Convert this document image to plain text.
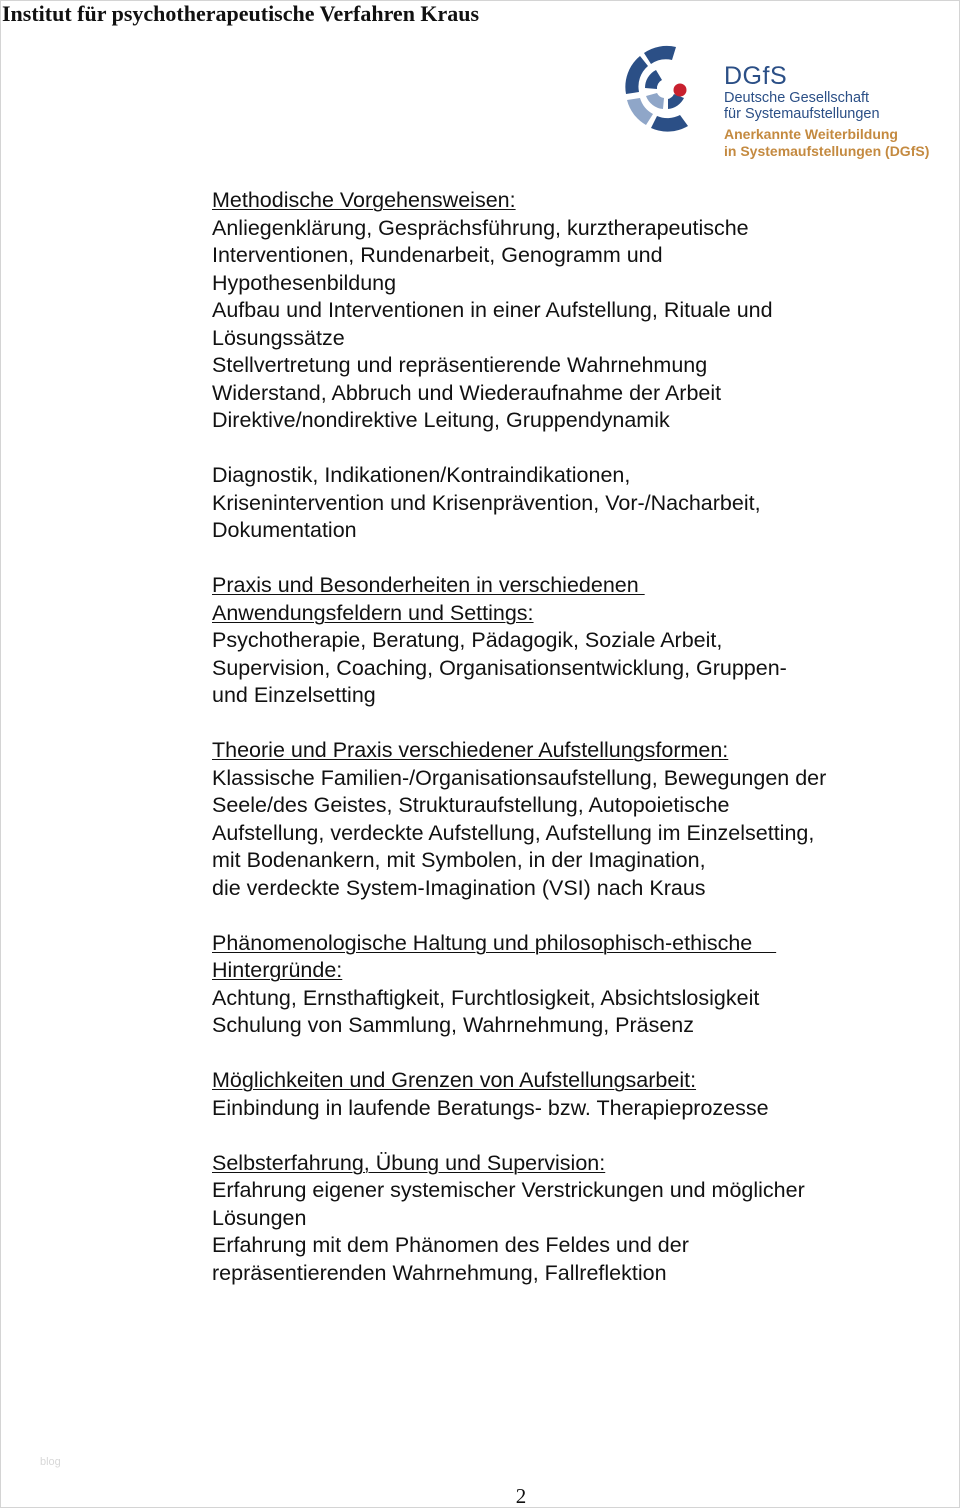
Institut für psychotherapeutische Verfahren Kraus
DGfS
Deutsche Gesellschaft
für Systemaufstellungen
Anerkannte Weiterbildung
in Systemaufstellungen (DGfS)
Methodische Vorgehensweisen:
Anliegenklärung, Gesprächsführung, kurztherapeutische
Interventionen, Rundenarbeit, Genogramm und
Hypothesenbildung
Aufbau und Interventionen in einer Aufstellung, Rituale und
Lösungssätze
Stellvertretung und repräsentierende Wahrnehmung
Widerstand, Abbruch und Wiederaufnahme der Arbeit
Direktive/nondirektive Leitung, Gruppendynamik
Diagnostik, Indikationen/Kontraindikationen,
Krisenintervention und Krisenprävention, Vor-/Nacharbeit,
Dokumentation
Praxis und Besonderheiten in verschiedenen
Anwendungsfeldern und Settings:
Psychotherapie, Beratung, Pädagogik, Soziale Arbeit,
Supervision, Coaching, Organisationsentwicklung, Gruppen-
und Einzelsetting
Theorie und Praxis verschiedener Aufstellungsformen:
Klassische Familien-/Organisationsaufstellung, Bewegungen der
Seele/des Geistes, Strukturaufstellung, Autopoietische
Aufstellung, verdeckte Aufstellung, Aufstellung im Einzelsetting,
mit Bodenankern, mit Symbolen, in der Imagination,
die verdeckte System-Imagination (VSI) nach Kraus
Phänomenologische Haltung und philosophisch-ethische
Hintergründe:
Achtung, Ernsthaftigkeit, Furchtlosigkeit, Absichtslosigkeit
Schulung von Sammlung, Wahrnehmung, Präsenz
Möglichkeiten und Grenzen von Aufstellungsarbeit:
Einbindung in laufende Beratungs- bzw. Therapieprozesse
Selbsterfahrung, Übung und Supervision:
Erfahrung eigener systemischer Verstrickungen und möglicher
Lösungen
Erfahrung mit dem Phänomen des Feldes und der
repräsentierenden Wahrnehmung, Fallreflektion
blog
2
